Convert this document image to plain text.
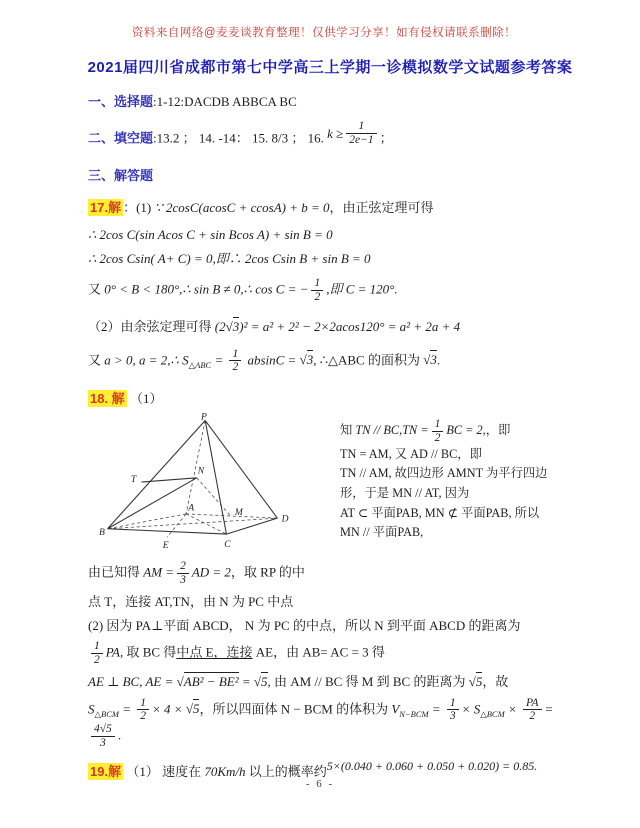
资料来自网络@麦麦谈教育整理！仅供学习分享！如有侵权请联系删除！
2021届四川省成都市第七中学高三上学期一诊模拟数学文试题参考答案
一、选择题:1-12:DACDB ABBCA BC
二、填空题:13.2 ； 14. -14： 15. 8/3 ； 16. $k \ge \frac{1}{2e-1}$ ；
三、解答题
17.解 ：(1) ∵ 2cosC(acosC + ccosA) + b = 0，由正弦定理可得
∴ 2cos C(sin Acos C + sin Bcos A) + sin B = 0
∴ 2cos Csin( A+ C) = 0,即∴ 2cos Csin B + sin B = 0
又 0° < B < 180°,∴ sin B ≠ 0,∴ cos C = − $\frac{1}{2}$ ,即 C = 120°.
（2）由余弦定理可得 (2 √ 3)² = a² + 2² − 2×2acos120° = a² + 2a + 4
又 a > 0, a = 2,∴ $S_{\triangle ABC} = \frac{1}{2}$ absinC = √ 3, ∴△ABC 的面积为 √ 3.
18. 解 （1）
P
T
N
B
E	C
D
A	M
知 TN // $BC,TN = \frac{1}{2}$ BC = 2,，即
TN = AM, 又 AD // BC，即
TN // AM, 故四边形 AMNT 为平行四边
形，于是 MN // AT, 因为
AT ⊂ 平面PAB, MN ⊄ 平面PAB, 所以
MN // 平面PAB,
由已知得 AM = $\frac{2}{3}$ AD = 2，取 RP 的中
点 T，连接 AT,TN，由 N 为 PC 中点
(2) 因为 PA⊥平面 ABCD， N 为 PC 的中点，所以 N 到平面 ABCD 的距离为
$\frac{1}{2}$ PA, 取 BC 得中点 E，连接 AE，由 AB= AC = 3 得
AE ⊥ BC, AE = √ AB² − BE² = √ 5, 由 AM // BC 得 M 到 BC 的距离为 √ 5，故
$S_{\triangle BCM} = \frac{1}{2} \times 4$ × √ 5，所以四面体 N − BCM 的体积为 $V_{N-BCM} = \frac{1}{3} \times S_{\triangle BCM} \times \frac{PA}{2}$ =
$\frac{4√5}{3}$ .
19.解 （1） 速度在 70Km/h 以上的概率约5×(0.040 + 0.060 + 0.050 + 0.020) = 0.85.
- 6 -
